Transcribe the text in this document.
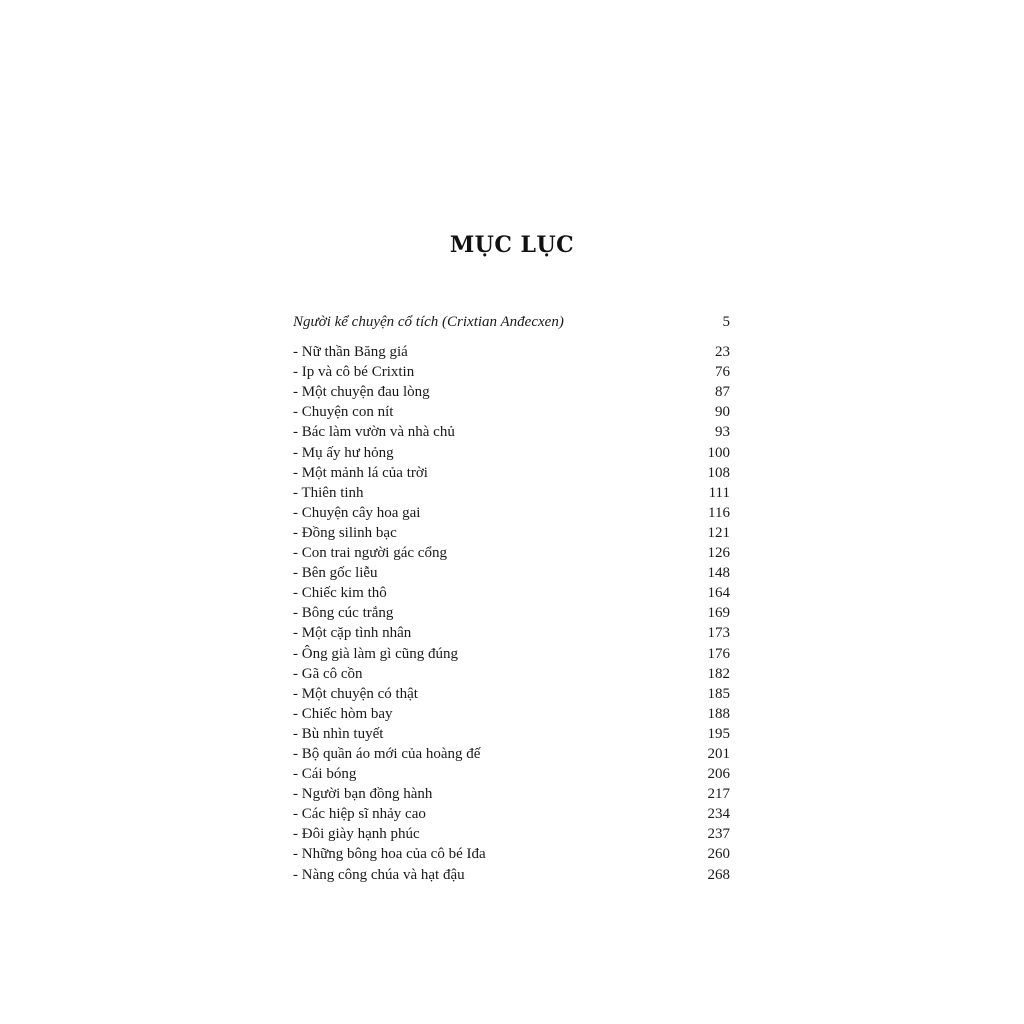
MỤC LỤC
Người kể chuyện cổ tích (Crixtian Anđecxen)	5
- Nữ thần Băng giá	23
- Ip và cô bé Crixtin	76
- Một chuyện đau lòng	87
- Chuyện con nít	90
- Bác làm vườn và nhà chủ	93
- Mụ ấy hư hỏng	100
- Một mảnh lá của trời	108
- Thiên tinh	111
- Chuyện cây hoa gai	116
- Đồng silinh bạc	121
- Con trai người gác cổng	126
- Bên gốc liễu	148
- Chiếc kim thô	164
- Bông cúc trắng	169
- Một cặp tình nhân	173
- Ông già làm gì cũng đúng	176
- Gã cô cồn	182
- Một chuyện có thật	185
- Chiếc hòm bay	188
- Bù nhìn tuyết	195
- Bộ quần áo mới của hoàng đế	201
- Cái bóng	206
- Người bạn đồng hành	217
- Các hiệp sĩ nhảy cao	234
- Đôi giày hạnh phúc	237
- Những bông hoa của cô bé Iđa	260
- Nàng công chúa và hạt đậu	268
